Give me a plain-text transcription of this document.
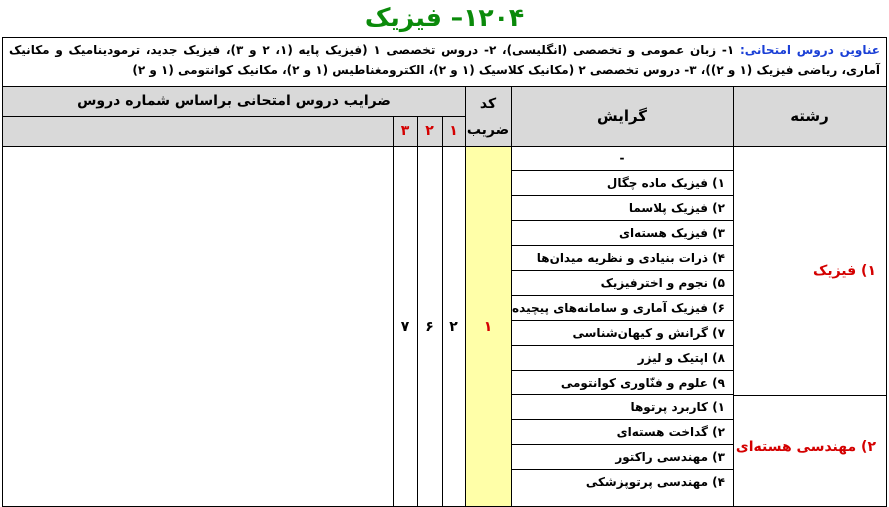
۱۲۰۴– فیزیک
عناوین دروس امتحانی: ۱- زبان عمومی و تخصصی (انگلیسی)، ۲- دروس تخصصی ۱ (فیزیک پایه (۱، ۲ و ۳)، فیزیک جدید، ترمودینامیک و مکانیک آماری، ریاضی فیزیک (۱ و ۲))، ۳- دروس تخصصی ۲ (مکانیک کلاسیک (۱ و ۲)، الکترومغناطیس (۱ و ۲)، مکانیک کوانتومی (۱ و ۲)
رشته
گرایش
کد ضریب
ضرایب دروس امتحانی براساس شماره دروس
۱
۲
۳
۱) فیزیک
۲) مهندسی هسته‌ای
-
۱) فیزیک ماده چگال
۲) فیزیک پلاسما
۳) فیزیک هسته‌ای
۴) ذرات بنیادی و نظریه میدان‌ها
۵) نجوم و اخترفیزیک
۶) فیزیک آماری و سامانه‌های پیچیده
۷) گرانش و کیهان‌شناسی
۸) اپتیک و لیزر
۹) علوم و فنّاوری کوانتومی
۱) کاربرد پرتوها
۲) گداخت هسته‌ای
۳) مهندسی راکتور
۴) مهندسی پرتوپزشکی
۱
۲
۶
۷
